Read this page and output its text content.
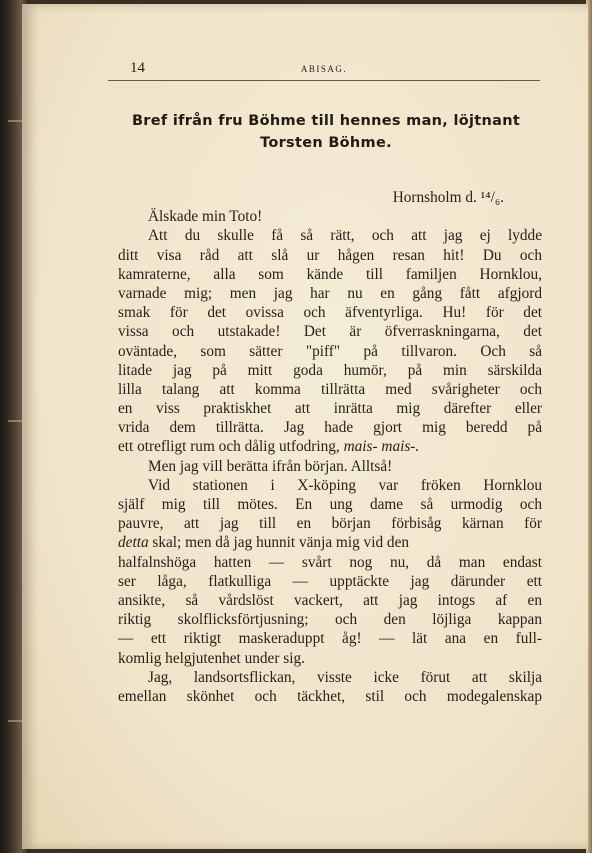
14	ABISAG.
Bref ifrån fru Böhme till hennes man, löjtnant
Torsten Böhme.
Hornsholm d. ¹⁴/₆.
Älskade min Toto!
Att du skulle få så rätt, och att jag ej lydde
ditt visa råd att slå ur hågen resan hit! Du och
kamraterne, alla som kände till familjen Hornklou,
varnade mig; men jag har nu en gång fått afgjord
smak för det ovissa och äfventyrliga. Hu! för det
vissa och utstakade! Det är öfverraskningarna, det
oväntade, som sätter "piff" på tillvaron. Och så
litade jag på mitt goda humör, på min särskilda
lilla talang att komma tillrätta med svårigheter och
en viss praktiskhet att inrätta mig därefter eller
vrida dem tillrätta. Jag hade gjort mig beredd på
ett otrefligt rum och dålig utfodring, mais- mais-.
Men jag vill berätta ifrån början. Alltså!
Vid stationen i X-köping var fröken Hornklou
själf mig till mötes. En ung dame så urmodig och
pauvre, att jag till en början förbisåg kärnan för
detta skal; men då jag hunnit vänja mig vid den
halfalnshöga hatten — svårt nog nu, då man endast
ser låga, flatkulliga — upptäckte jag därunder ett
ansikte, så vårdslöst vackert, att jag intogs af en
riktig skolflicksförtjusning; och den löjliga kappan
— ett riktigt maskeraduppt åg! — lät ana en full-
komlig helgjutenhet under sig.
Jag, landsortsflickan, visste icke förut att skilja
emellan skönhet och täckhet, stil och modegalenskap
